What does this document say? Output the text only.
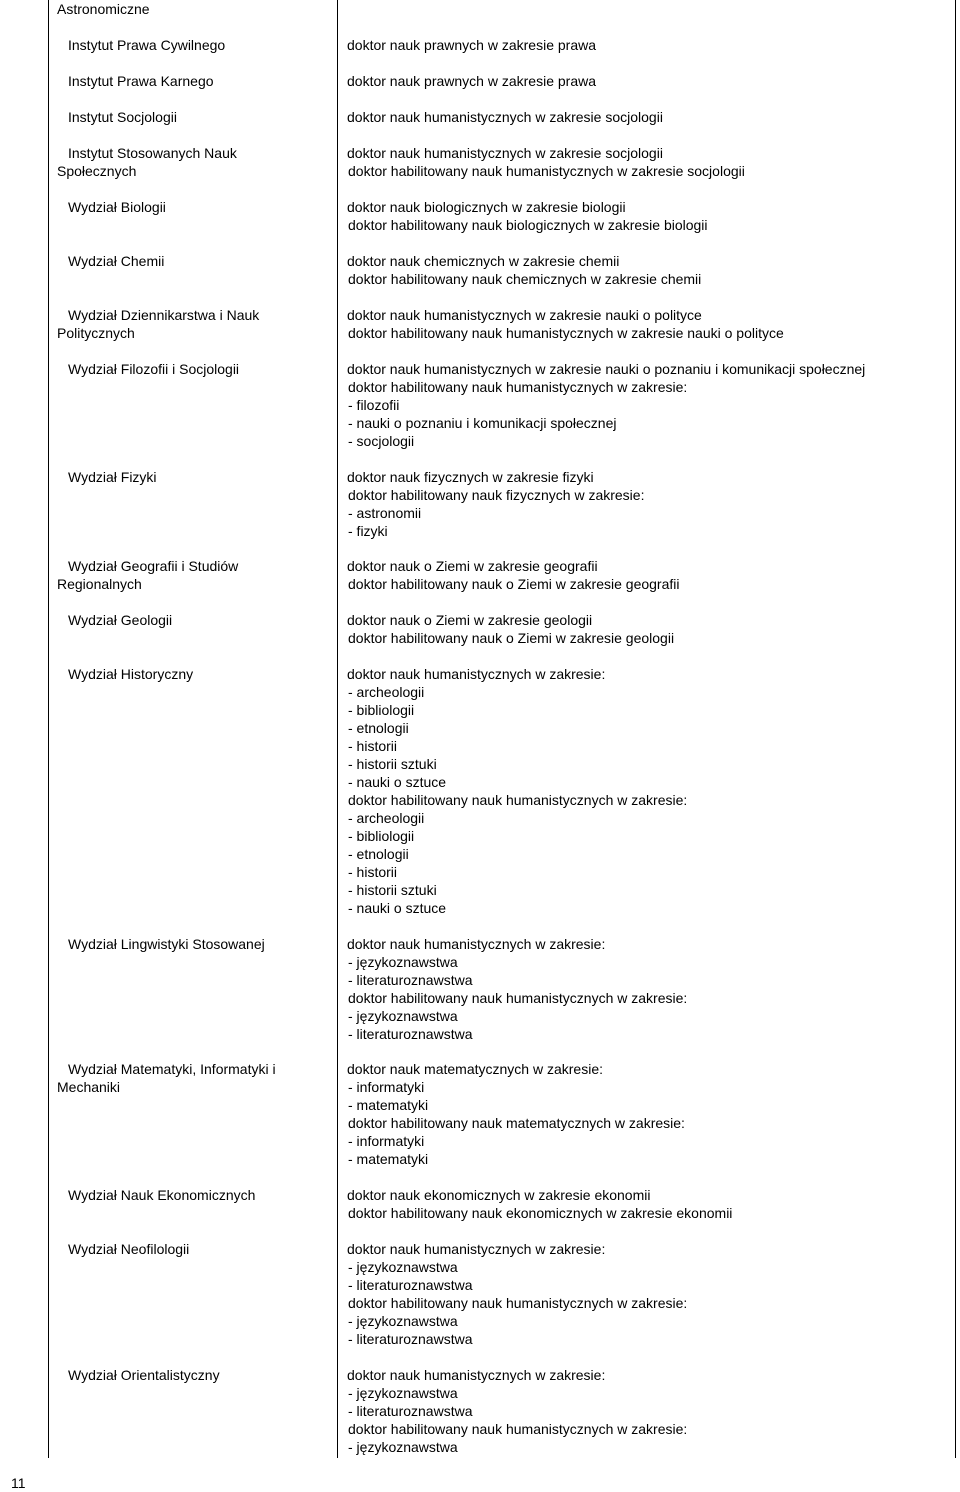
Astronomiczne
Instytut Prawa Cywilnego
Instytut Prawa Karnego
Instytut Socjologii
Instytut Stosowanych Nauk
Społecznych
Wydział Biologii
Wydział Chemii
Wydział Dziennikarstwa i Nauk
Politycznych
Wydział Filozofii i Socjologii
Wydział Fizyki
Wydział Geografii i Studiów
Regionalnych
Wydział Geologii
Wydział Historyczny
Wydział Lingwistyki Stosowanej
Wydział Matematyki, Informatyki i
Mechaniki
Wydział Nauk Ekonomicznych
Wydział Neofilologii
Wydział Orientalistyczny
doktor nauk prawnych w zakresie prawa
doktor nauk prawnych w zakresie prawa
doktor nauk humanistycznych w zakresie socjologii
doktor nauk humanistycznych w zakresie socjologii
doktor habilitowany nauk humanistycznych w zakresie socjologii
doktor nauk biologicznych w zakresie biologii
doktor habilitowany nauk biologicznych w zakresie biologii
doktor nauk chemicznych w zakresie chemii
doktor habilitowany nauk chemicznych w zakresie chemii
doktor nauk humanistycznych w zakresie nauki o polityce
doktor habilitowany nauk humanistycznych w zakresie nauki o polityce
doktor nauk humanistycznych w zakresie nauki o poznaniu i komunikacji społecznej
doktor habilitowany nauk humanistycznych w zakresie:
- filozofii
- nauki o poznaniu i komunikacji społecznej
- socjologii
doktor nauk fizycznych w zakresie fizyki
doktor habilitowany nauk fizycznych w zakresie:
- astronomii
- fizyki
doktor nauk o Ziemi w zakresie geografii
doktor habilitowany nauk o Ziemi w zakresie geografii
doktor nauk o Ziemi w zakresie geologii
doktor habilitowany nauk o Ziemi w zakresie geologii
doktor nauk humanistycznych w zakresie:
- archeologii
- bibliologii
- etnologii
- historii
- historii sztuki
- nauki o sztuce
doktor habilitowany nauk humanistycznych w zakresie:
- archeologii
- bibliologii
- etnologii
- historii
- historii sztuki
- nauki o sztuce
doktor nauk humanistycznych w zakresie:
- językoznawstwa
- literaturoznawstwa
doktor habilitowany nauk humanistycznych w zakresie:
- językoznawstwa
- literaturoznawstwa
doktor nauk matematycznych w zakresie:
- informatyki
- matematyki
doktor habilitowany nauk matematycznych w zakresie:
- informatyki
- matematyki
doktor nauk ekonomicznych w zakresie ekonomii
doktor habilitowany nauk ekonomicznych w zakresie ekonomii
doktor nauk humanistycznych w zakresie:
- językoznawstwa
- literaturoznawstwa
doktor habilitowany nauk humanistycznych w zakresie:
- językoznawstwa
- literaturoznawstwa
doktor nauk humanistycznych w zakresie:
- językoznawstwa
- literaturoznawstwa
doktor habilitowany nauk humanistycznych w zakresie:
- językoznawstwa
11
